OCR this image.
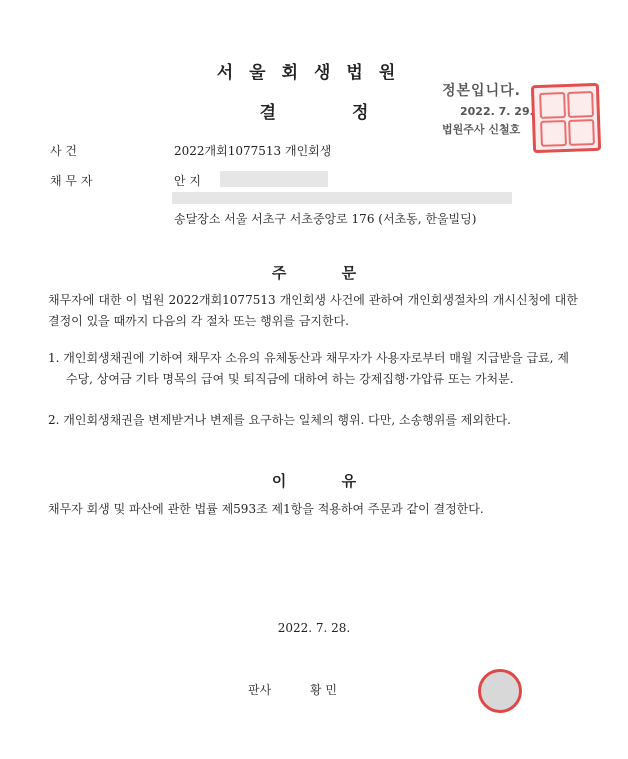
서울회생법원
결 정
정본입니다.
2022. 7. 29.
법원주사 신철호
사 건	2022개회1077513 개인회생
채 무 자	안 지
송달장소 서울 서초구 서초중앙로 176 (서초동, 한울빌딩)
주 문
채무자에 대한 이 법원 2022개회1077513 개인회생 사건에 관하여 개인회생절차의 개시신청에 대한 결정이 있을 때까지 다음의 각 절차 또는 행위를 금지한다.
1. 개인회생채권에 기하여 채무자 소유의 유체동산과 채무자가 사용자로부터 매월 지급받을 급료, 제수당, 상여금 기타 명목의 급여 및 퇴직금에 대하여 하는 강제집행·가압류 또는 가처분.
2. 개인회생채권을 변제받거나 변제를 요구하는 일체의 행위. 다만, 소송행위를 제외한다.
이 유
채무자 회생 및 파산에 관한 법률 제593조 제1항을 적용하여 주문과 같이 결정한다.
2022. 7. 28.
판사	황 민
